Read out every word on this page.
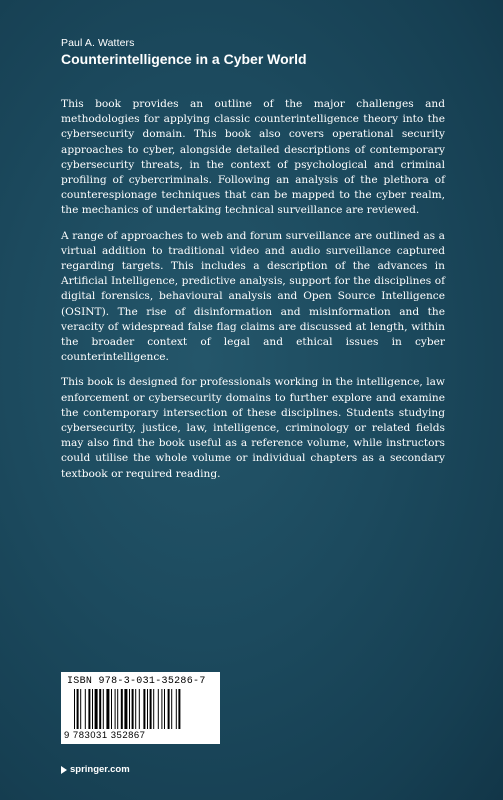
Paul A. Watters
Counterintelligence in a Cyber World

This book provides an outline of the major challenges and methodologies for applying classic counterintelligence theory into the cybersecurity domain. This book also covers operational security approaches to cyber, alongside detailed descriptions of contemporary cybersecurity threats, in the context of psychological and criminal profiling of cybercriminals. Following an analysis of the plethora of counterespionage techniques that can be mapped to the cyber realm, the mechanics of undertaking technical surveillance are reviewed.

A range of approaches to web and forum surveillance are outlined as a virtual addition to traditional video and audio surveillance captured regarding targets. This includes a description of the advances in Artificial Intelligence, predictive analysis, support for the disciplines of digital forensics, behavioural analysis and Open Source Intelligence (OSINT). The rise of disinformation and misinformation and the veracity of widespread false flag claims are discussed at length, within the broader context of legal and ethical issues in cyber counterintelligence.

This book is designed for professionals working in the intelligence, law enforcement or cybersecurity domains to further explore and examine the contemporary intersection of these disciplines. Students studying cybersecurity, justice, law, intelligence, criminology or related fields may also find the book useful as a reference volume, while instructors could utilise the whole volume or individual chapters as a secondary textbook or required reading.

ISBN 978-3-031-35286-7
9 783031 352867
springer.com
